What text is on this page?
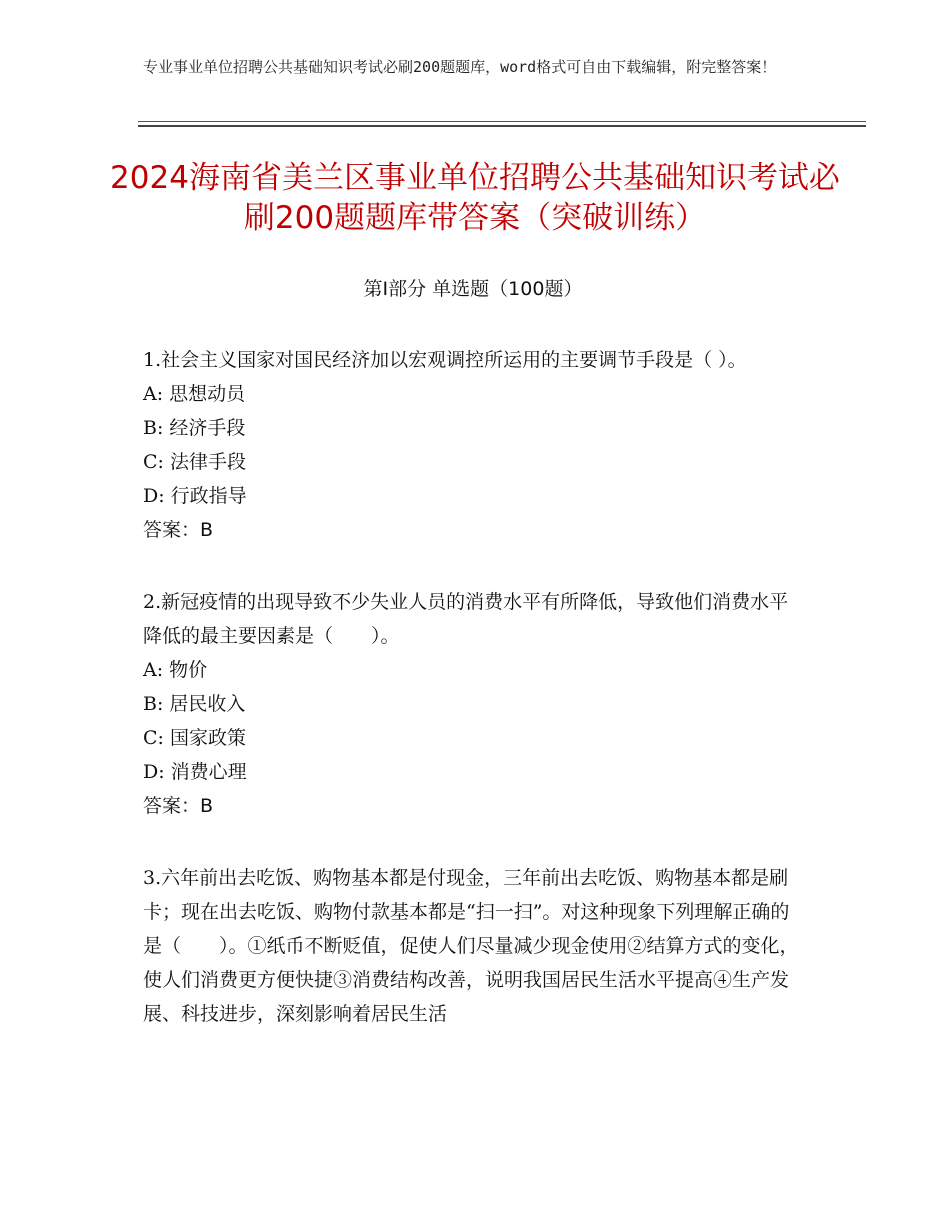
专业事业单位招聘公共基础知识考试必刷200题题库，word格式可自由下载编辑，附完整答案！
2024海南省美兰区事业单位招聘公共基础知识考试必刷200题题库带答案（突破训练）
第Ⅰ部分 单选题（100题）

1.社会主义国家对国民经济加以宏观调控所运用的主要调节手段是（ ）。

A: 思想动员

B: 经济手段

C: 法律手段

D: 行政指导

答案：B

2.新冠疫情的出现导致不少失业人员的消费水平有所降低，导致他们消费水平降低的最主要因素是（　　）。

A: 物价

B: 居民收入

C: 国家政策

D: 消费心理

答案：B

3.六年前出去吃饭、购物基本都是付现金，三年前出去吃饭、购物基本都是刷卡；现在出去吃饭、购物付款基本都是“扫一扫”。对这种现象下列理解正确的是（　　）。①纸币不断贬值，促使人们尽量减少现金使用②结算方式的变化，使人们消费更方便快捷③消费结构改善，说明我国居民生活水平提高④生产发展、科技进步，深刻影响着居民生活
